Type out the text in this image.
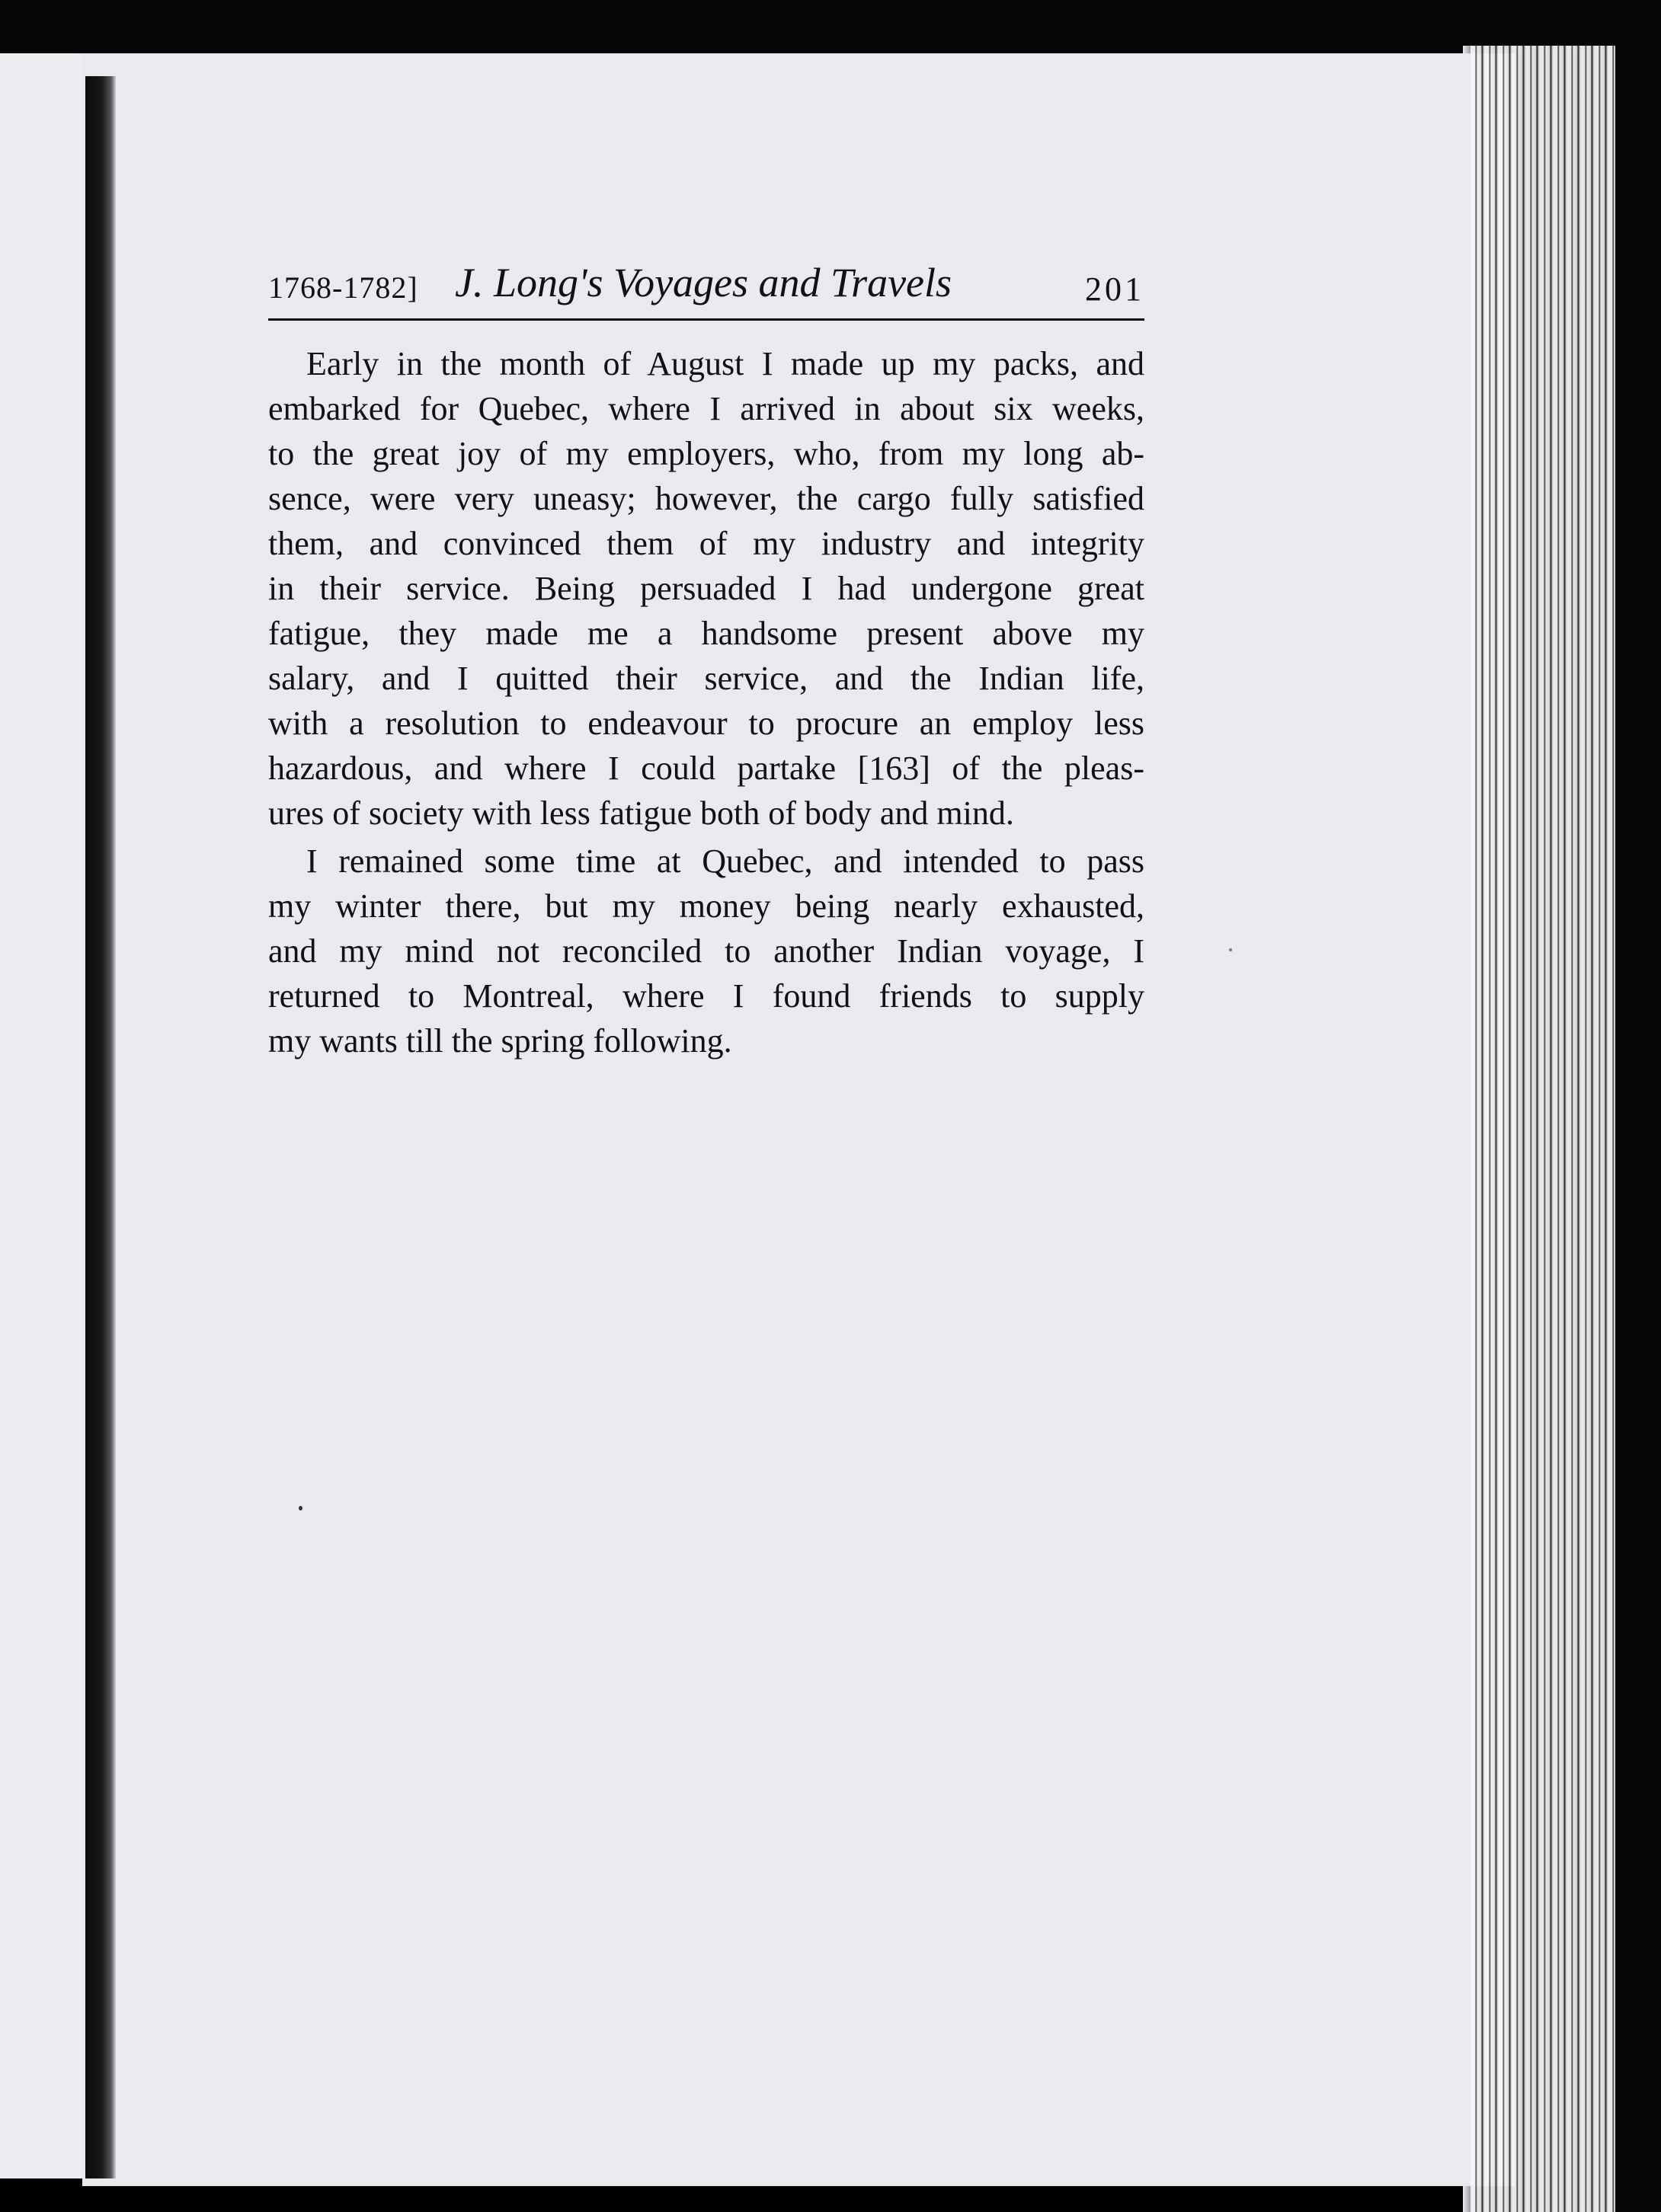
1768-1782] J. Long's Voyages and Travels	201

Early in the month of August I made up my packs, and
embarked for Quebec, where I arrived in about six weeks,
to the great joy of my employers, who, from my long ab-
sence, were very uneasy; however, the cargo fully satisfied
them, and convinced them of my industry and integrity
in their service. Being persuaded I had undergone great
fatigue, they made me a handsome present above my
salary, and I quitted their service, and the Indian life,
with a resolution to endeavour to procure an employ less
hazardous, and where I could partake [163] of the pleas-
ures of society with less fatigue both of body and mind.

I remained some time at Quebec, and intended to pass
my winter there, but my money being nearly exhausted,
and my mind not reconciled to another Indian voyage, I
returned to Montreal, where I found friends to supply
my wants till the spring following.
